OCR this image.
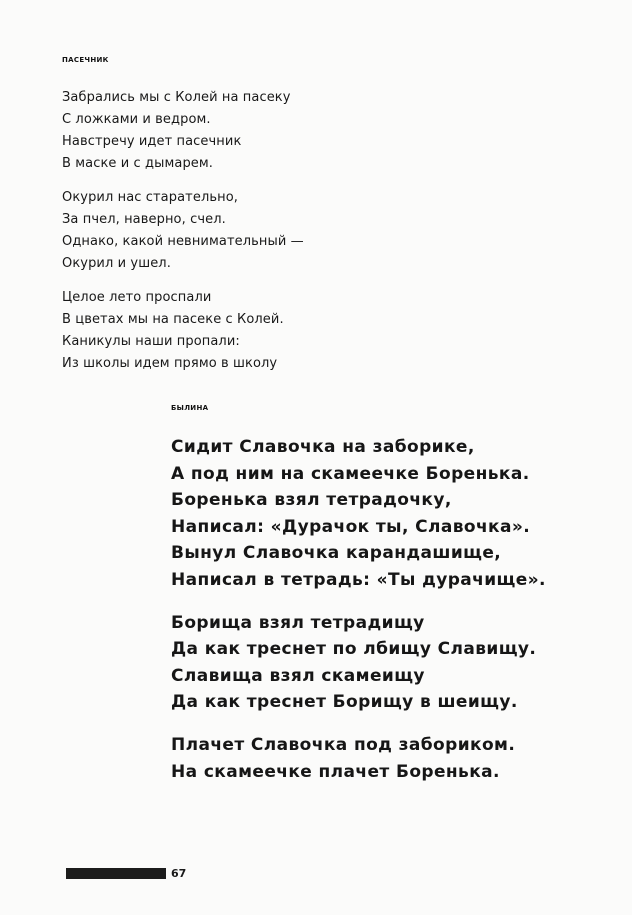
ПАСЕЧНИК
Забрались мы с Колей на пасеку
С ложками и ведром.
Навстречу идет пасечник
В маске и с дымарем.
Окурил нас старательно,
За пчел, наверно, счел.
Однако, какой невнимательный —
Окурил и ушел.
Целое лето проспали
В цветах мы на пасеке с Колей.
Каникулы наши пропали:
Из школы идем прямо в школу
БЫЛИНА
Сидит Славочка на заборике,
А под ним на скамеечке Боренька.
Боренька взял тетрадочку,
Написал: «Дурачок ты, Славочка».
Вынул Славочка карандашище,
Написал в тетрадь: «Ты дурачище».
Борища взял тетрадищу
Да как треснет по лбищу Славищу.
Славища взял скамеищу
Да как треснет Борищу в шеищу.
Плачет Славочка под забориком.
На скамеечке плачет Боренька.
67
